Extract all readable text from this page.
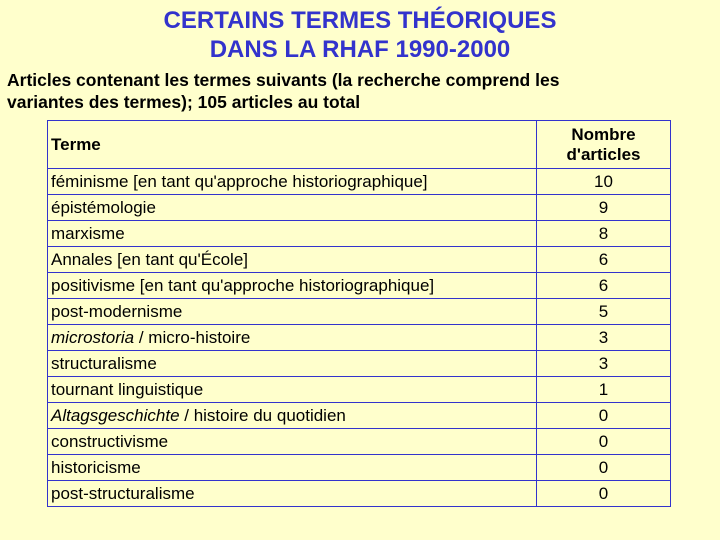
CERTAINS TERMES THÉORIQUES
DANS LA RHAF 1990-2000
Articles contenant les termes suivants (la recherche comprend les
variantes des termes); 105 articles au total
Terme	Nombre
d'articles

féminisme [en tant qu'approche historiographique]	10
épistémologie	9
marxisme	8
Annales [en tant qu'École]	6
positivisme [en tant qu'approche historiographique]	6
post-modernisme	5
microstoria / micro-histoire	3
structuralisme	3
tournant linguistique	1
Altagsgeschichte / histoire du quotidien	0
constructivisme	0
historicisme	0
post-structuralisme	0
